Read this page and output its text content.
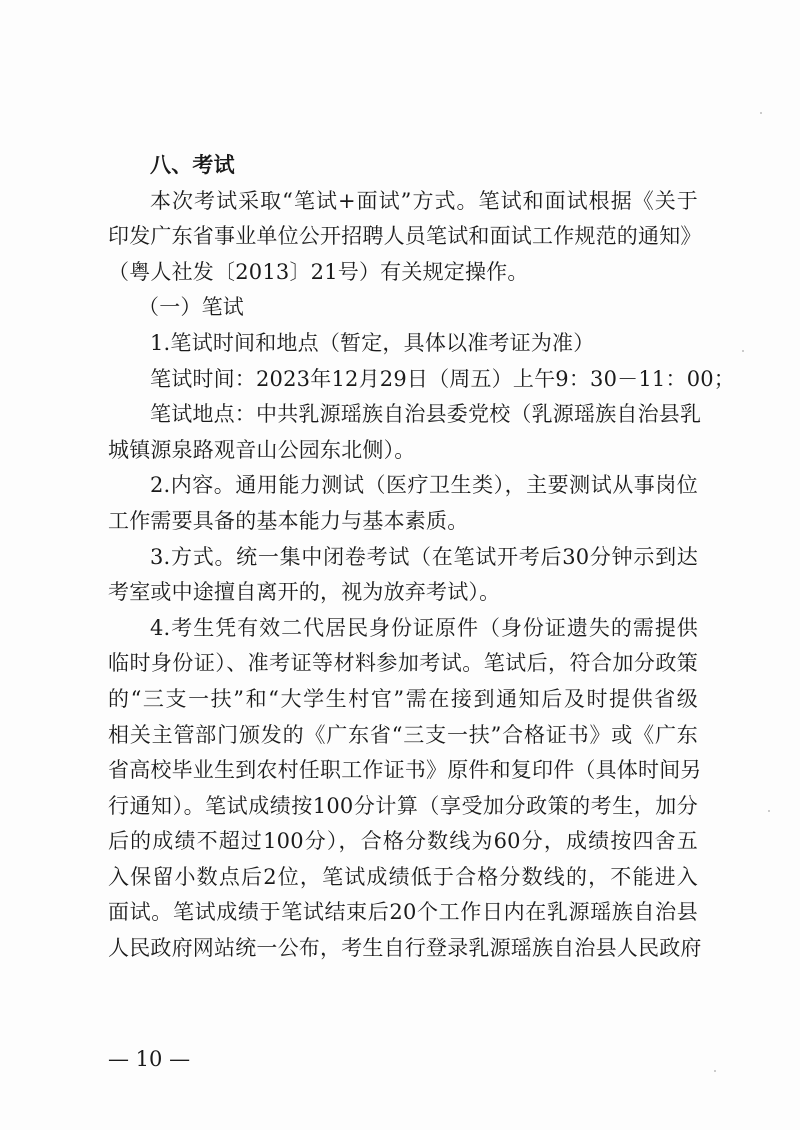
八、考试
本次考试采取“笔试+面试”方式。笔试和面试根据《关于
印发广东省事业单位公开招聘人员笔试和面试工作规范的通知》
（粤人社发〔2013〕21号）有关规定操作。
（一）笔试
1.笔试时间和地点（暂定，具体以准考证为准）
笔试时间：2023年12月29日（周五）上午9：30－11：00；
笔试地点：中共乳源瑶族自治县委党校（乳源瑶族自治县乳
城镇源泉路观音山公园东北侧）。
2.内容。通用能力测试（医疗卫生类），主要测试从事岗位
工作需要具备的基本能力与基本素质。
3.方式。统一集中闭卷考试（在笔试开考后30分钟示到达
考室或中途擅自离开的，视为放弃考试）。
4.考生凭有效二代居民身份证原件（身份证遗失的需提供
临时身份证）、准考证等材料参加考试。笔试后，符合加分政策
的“三支一扶”和“大学生村官”需在接到通知后及时提供省级
相关主管部门颁发的《广东省“三支一扶”合格证书》或《广东
省高校毕业生到农村任职工作证书》原件和复印件（具体时间另
行通知）。笔试成绩按100分计算（享受加分政策的考生，加分
后的成绩不超过100分），合格分数线为60分，成绩按四舍五
入保留小数点后2位，笔试成绩低于合格分数线的，不能进入
面试。笔试成绩于笔试结束后20个工作日内在乳源瑶族自治县
人民政府网站统一公布，考生自行登录乳源瑶族自治县人民政府
— 10 —
